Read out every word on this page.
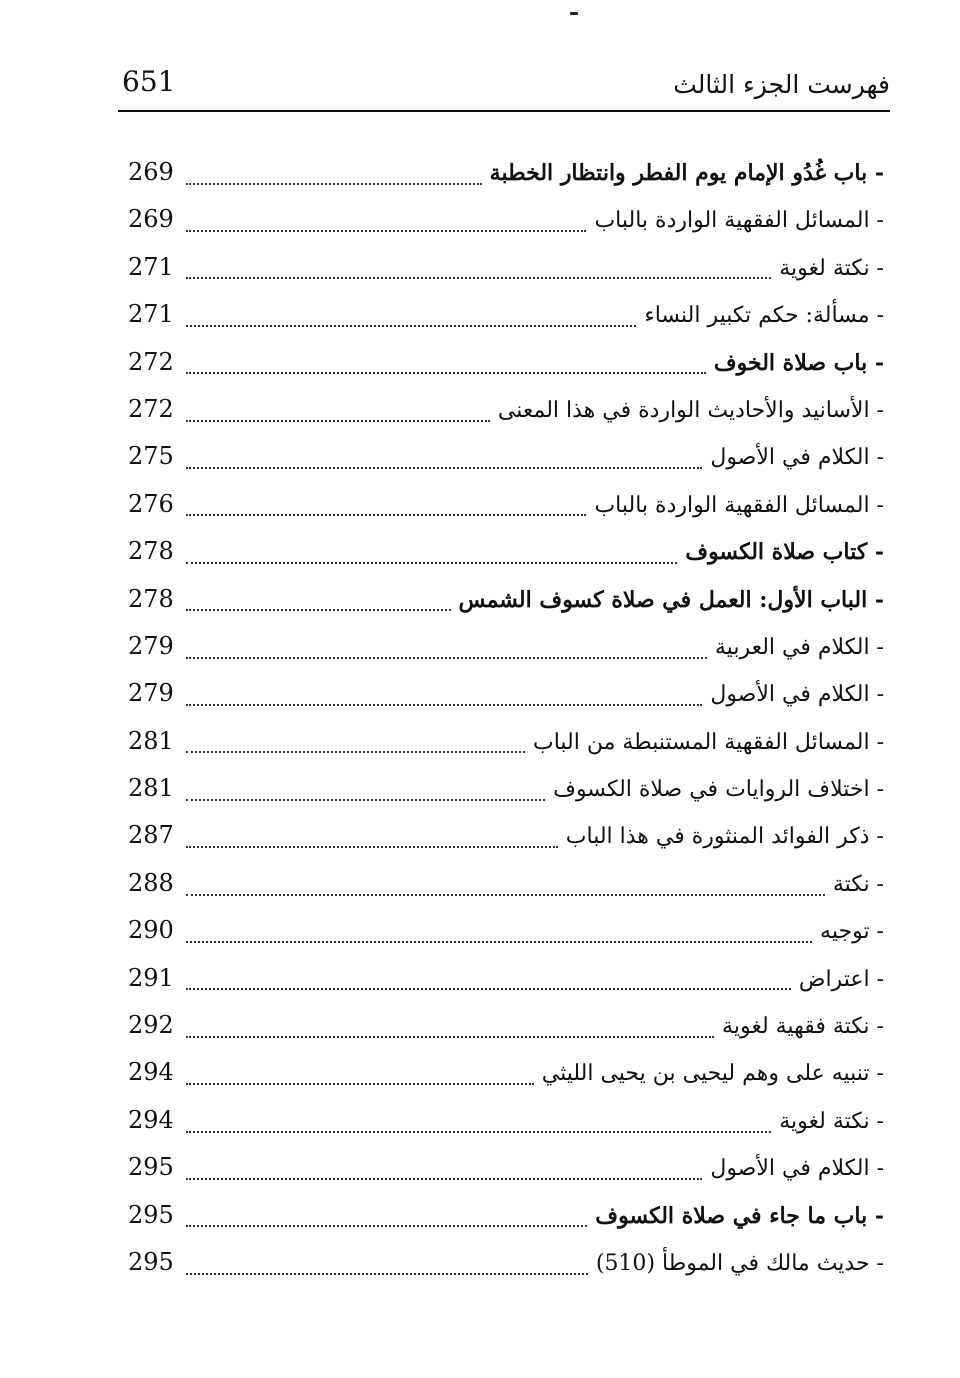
فهرست الجزء الثالث
651
- باب غُدُو الإمام يوم الفطر وانتظار الخطبة
269
- المسائل الفقهية الواردة بالباب
269
- نكتة لغوية
271
- مسألة: حكم تكبير النساء
271
- باب صلاة الخوف
272
- الأسانيد والأحاديث الواردة في هذا المعنى
272
- الكلام في الأصول
275
- المسائل الفقهية الواردة بالباب
276
- كتاب صلاة الكسوف
278
- الباب الأول: العمل في صلاة كسوف الشمس
278
- الكلام في العربية
279
- الكلام في الأصول
279
- المسائل الفقهية المستنبطة من الباب
281
- اختلاف الروايات في صلاة الكسوف
281
- ذكر الفوائد المنثورة في هذا الباب
287
- نكتة
288
- توجيه
290
- اعتراض
291
- نكتة فقهية لغوية
292
- تنبيه على وهم ليحيى بن يحيى الليثي
294
- نكتة لغوية
294
- الكلام في الأصول
295
- باب ما جاء في صلاة الكسوف
295
- حديث مالك في الموطأ (510)
295
